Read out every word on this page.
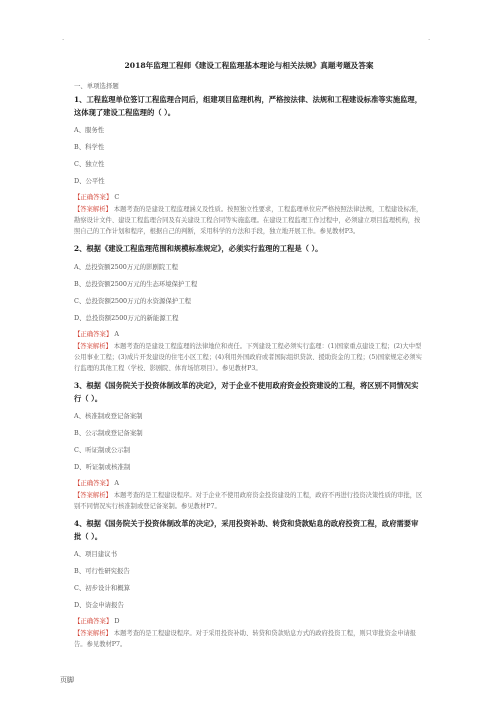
.	.
2018年监理工程师《建设工程监理基本理论与相关法规》真题考题及答案
一、单项选择题
1、工程监理单位签订工程监理合同后，组建项目监理机构，严格按法律、法规和工程建设标准等实施监理，这体现了建设工程监理的（ ）。
A、服务性
B、科学性
C、独立性
D、公平性
【正确答案】 C
【答案解析】 本题考查的是建设工程监理涵义及性质。按照独立性要求，工程监理单位应严格按照法律法规，工程建设标准，勘察设计文件、建设工程监理合同及有关建设工程合同等实施监理。在建设工程监理工作过程中，必须建立项目监理机构，按照自己的工作计划和程序，根据自己的判断，采用科学的方法和手段，独立地开展工作。参见教材P3。
2、根据《建设工程监理范围和规模标准规定》，必须实行监理的工程是（ ）。
A、总投资额2500万元的影剧院工程
B、总投资额2500万元的生态环境保护工程
C、总投资额2500万元的水资源保护工程
D、总投资额2500万元的新能源工程
【正确答案】 A
【答案解析】 本题考查的是建设工程监理的法律地位和责任。下列建设工程必须实行监理：(1)国家重点建设工程；(2)大中型公用事业工程；(3)成片开发建设的住宅小区工程；(4)利用外国政府或者国际组织贷款、援助资金的工程；(5)国家规定必须实行监理的其他工程（学校、影剧院、体育场馆项目）。参见教材P3。
3、根据《国务院关于投资体制改革的决定》，对于企业不使用政府资金投资建设的工程，将区别不同情况实行（ ）。
A、核准制或登记备案制
B、公示制或登记备案制
C、听证制或公示制
D、听证制或核准制
【正确答案】 A
【答案解析】 本题考查的是工程建设程序。对于企业不使用政府资金投资建设的工程，政府不再进行投资决策性质的审批，区别不同情况实行核准制或登记备案制。参见教材P7。
4、根据《国务院关于投资体制改革的决定》，采用投资补助、转贷和贷款贴息的政府投资工程，政府需要审批（ ）。
A、项目建议书
B、可行性研究报告
C、初步设计和概算
D、资金申请报告
【正确答案】 D
【答案解析】 本题考查的是工程建设程序。对于采用投资补助、转贷和贷款贴息方式的政府投资工程，则只审批资金申请报告。参见教材P7。
页脚
